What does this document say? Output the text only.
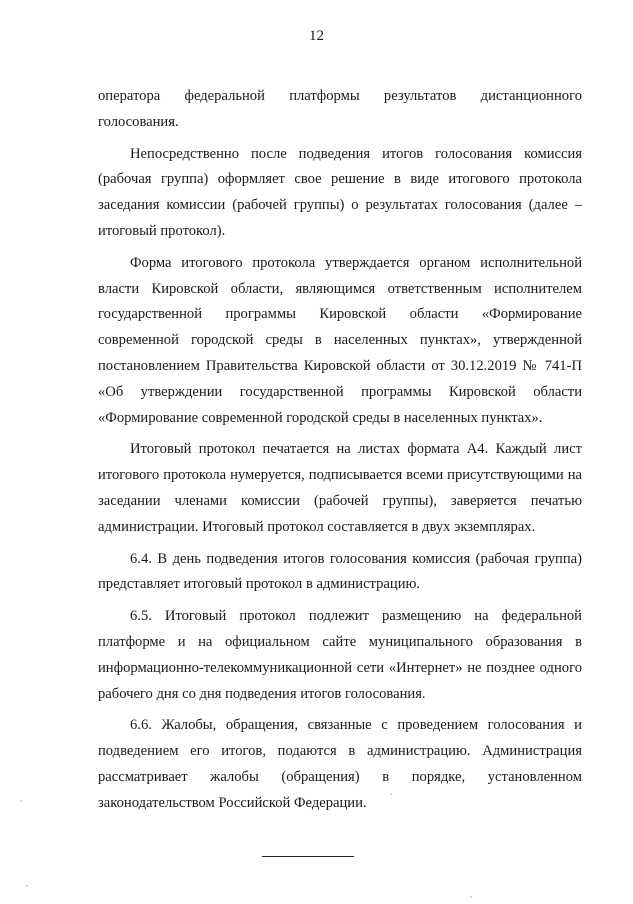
12

оператора федеральной платформы результатов дистанционного голосования.

Непосредственно после подведения итогов голосования комиссия (рабочая группа) оформляет свое решение в виде итогового протокола заседания комиссии (рабочей группы) о результатах голосования (далее – итоговый протокол).

Форма итогового протокола утверждается органом исполнительной власти Кировской области, являющимся ответственным исполнителем государственной программы Кировской области «Формирование современной городской среды в населенных пунктах», утвержденной постановлением Правительства Кировской области от 30.12.2019 № 741-П «Об утверждении государственной программы Кировской области «Формирование современной городской среды в населенных пунктах».

Итоговый протокол печатается на листах формата А4. Каждый лист итогового протокола нумеруется, подписывается всеми присутствующими на заседании членами комиссии (рабочей группы), заверяется печатью администрации. Итоговый протокол составляется в двух экземплярах.

6.4. В день подведения итогов голосования комиссия (рабочая группа) представляет итоговый протокол в администрацию.

6.5. Итоговый протокол подлежит размещению на федеральной платформе и на официальном сайте муниципального образования в информационно-телекоммуникационной сети «Интернет» не позднее одного рабочего дня со дня подведения итогов голосования.

6.6. Жалобы, обращения, связанные с проведением голосования и подведением его итогов, подаются в администрацию. Администрация рассматривает жалобы (обращения) в порядке, установленном законодательством Российской Федерации.
